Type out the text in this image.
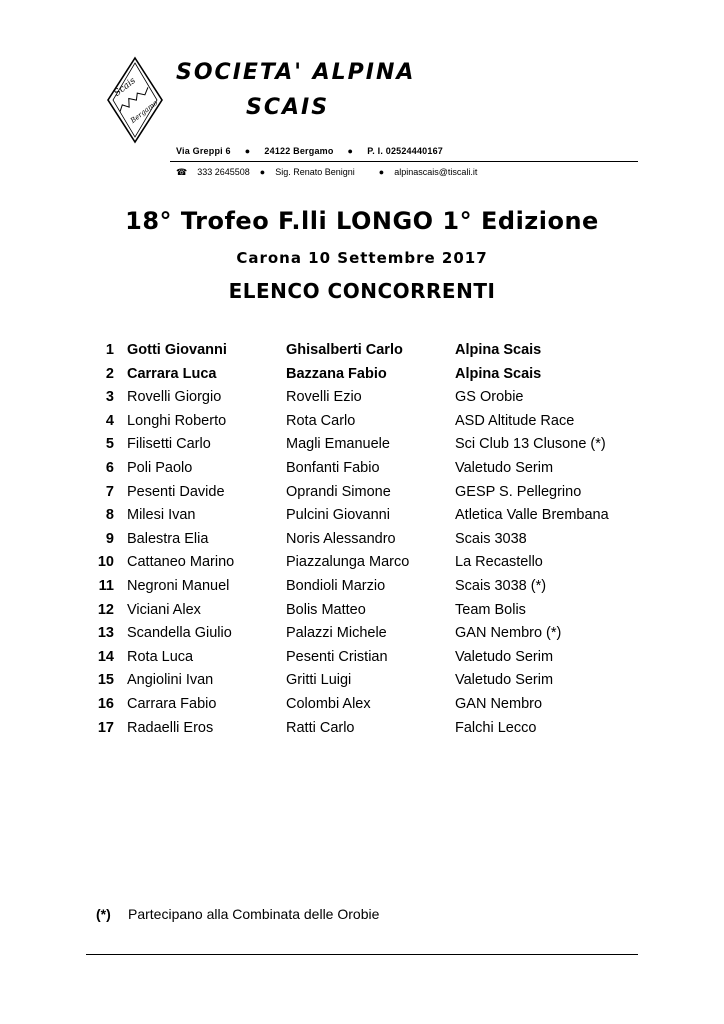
Scais
Bergamo
SOCIETA' ALPINA
SCAIS
Via Greppi 6 ● 24122 Bergamo ● P. I. 02524440167
☎ 333 2645508 ● Sig. Renato Benigni	● alpinascais@tiscali.it
18° Trofeo F.lli LONGO 1° Edizione
Carona 10 Settembre 2017
ELENCO CONCORRENTI
1 Gotti Giovanni	Ghisalberti Carlo	Alpina Scais
2 Carrara Luca	Bazzana Fabio	Alpina Scais
3 Rovelli Giorgio	Rovelli Ezio	GS Orobie
4 Longhi Roberto	Rota Carlo	ASD Altitude Race
5 Filisetti Carlo	Magli Emanuele	Sci Club 13 Clusone (*)
6 Poli Paolo	Bonfanti Fabio	Valetudo Serim
7 Pesenti Davide	Oprandi Simone	GESP S. Pellegrino
8 Milesi Ivan	Pulcini Giovanni	Atletica Valle Brembana
9 Balestra Elia	Noris Alessandro	Scais 3038
10 Cattaneo Marino	Piazzalunga Marco	La Recastello
11 Negroni Manuel	Bondioli Marzio	Scais 3038 (*)
12 Viciani Alex	Bolis Matteo	Team Bolis
13 Scandella Giulio	Palazzi Michele	GAN Nembro (*)
14 Rota Luca	Pesenti Cristian	Valetudo Serim
15 Angiolini Ivan	Gritti Luigi	Valetudo Serim
16 Carrara Fabio	Colombi Alex	GAN Nembro
17 Radaelli Eros	Ratti Carlo	Falchi Lecco
(*) Partecipano alla Combinata delle Orobie
